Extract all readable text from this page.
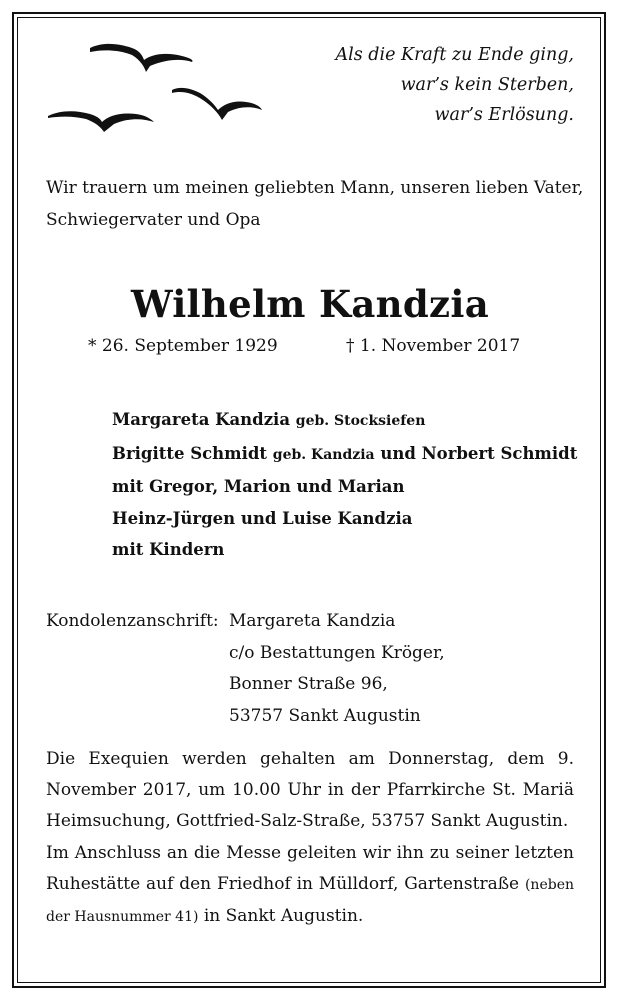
Als die Kraft zu Ende ging,
war’s kein Sterben,
war’s Erlösung.
Wir trauern um meinen geliebten Mann, unseren lieben Vater,
Schwiegervater und Opa
Wilhelm Kandzia
* 26. September 1929	† 1. November 2017
Margareta Kandzia geb. Stocksiefen
Brigitte Schmidt geb. Kandzia und Norbert Schmidt
mit Gregor, Marion und Marian
Heinz-Jürgen und Luise Kandzia
mit Kindern
Kondolenzanschrift: Margareta Kandzia
c/o Bestattungen Kröger,
Bonner Straße 96,
53757 Sankt Augustin

Die Exequien werden gehalten am Donnerstag, dem 9. November 2017, um 10.00 Uhr in der Pfarrkirche St. Mariä Heimsuchung, Gottfried-Salz-Straße, 53757 Sankt Augustin.

Im Anschluss an die Messe geleiten wir ihn zu seiner letzten Ruhestätte auf den Friedhof in Mülldorf, Gartenstraße (neben der Hausnummer 41) in Sankt Augustin.
